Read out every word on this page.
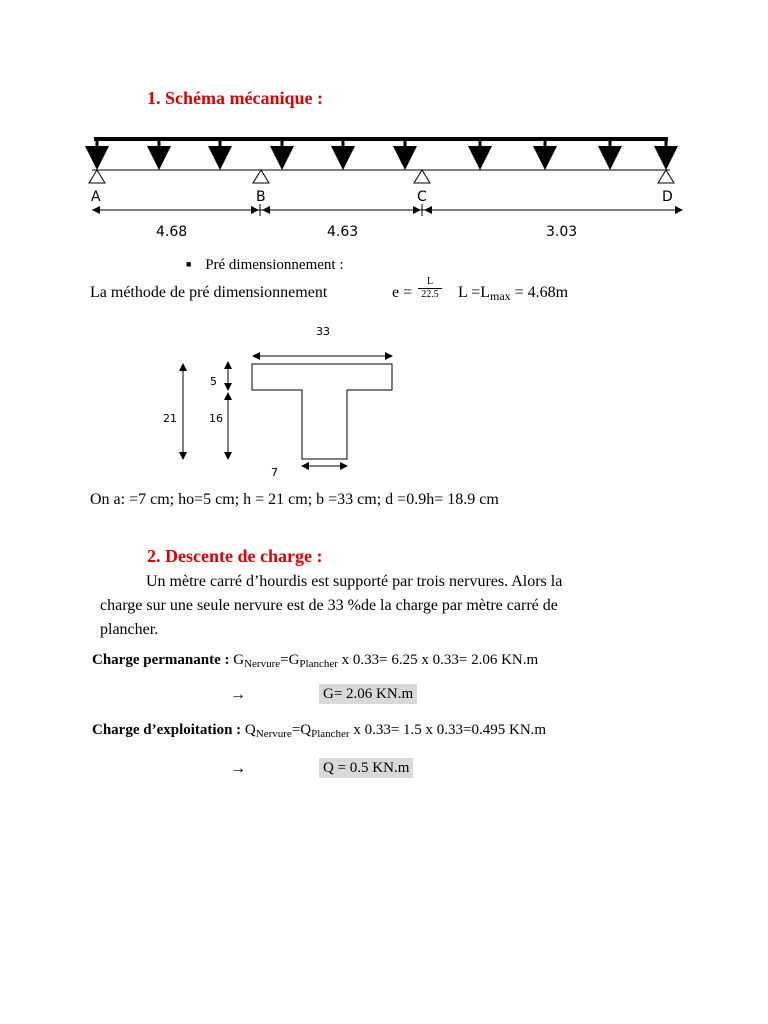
1. Schéma mécanique :
A	B	C	D
4.68	4.63	3.03
■ Pré dimensionnement :
La méthode de pré dimensionnement	$e = \frac{L}{22.5}$ $L =L_{max} = 4.68m$
33
5
21	16
7
On a: =7 cm; ho=5 cm; h = 21 cm; b =33 cm; d =0.9h= 18.9 cm
2. Descente de charge :
Un mètre carré d’hourdis est supporté par trois nervures. Alors la
charge sur une seule nervure est de 33 %de la charge par mètre carré de
plancher.
Charge permanante : $G_{Nervure}=G_{Plancher}$ x 0.33= 6.25 x 0.33= 2.06 KN.m
→	G= 2.06 KN.m
Charge d’exploitation : $Q_{Nervure}=Q_{Plancher}$ x 0.33= 1.5 x 0.33=0.495 KN.m
→	Q = 0.5 KN.m
